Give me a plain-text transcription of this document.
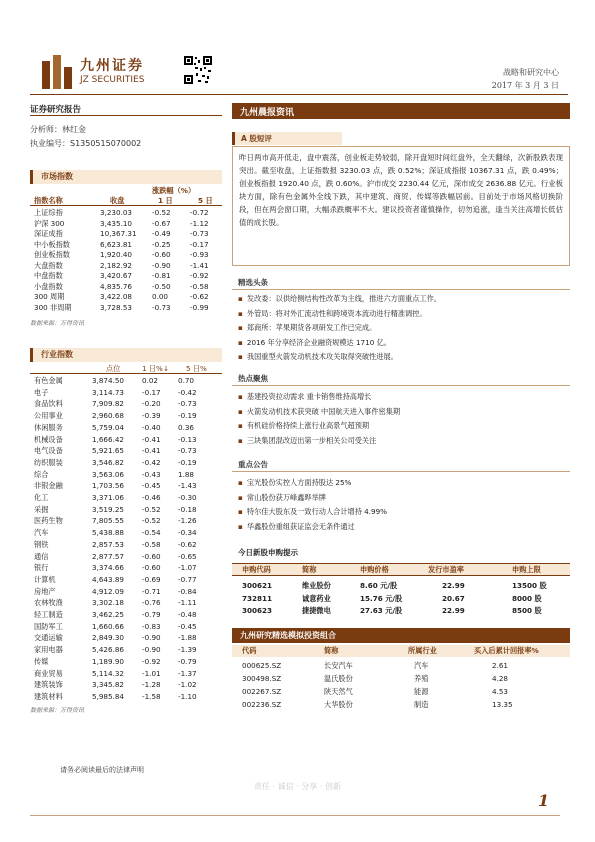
九州证券
JZ SECURITIES
战略和研究中心
2017 年 3 月 3 日
证券研究报告
分析师：林红金
执业编号：S1350515070002
市场指数
涨跌幅（%）
指数名称	收盘	1 日	5 日
上证综指	3,230.03	-0.52	-0.72
沪深 300	3,435.10	-0.67	-1.12
深证成指	10,367.31 -0.49	-0.73
中小板指数	6,623.81	-0.25	-0.17
创业板指数	1,920.40	-0.60	-0.93
大盘指数	2,182.92	-0.90	-1.41
中盘指数	3,420.67	-0.81	-0.92
小盘指数	4,835.76	-0.50	-0.58
300 周期	3,422.08	0.00	-0.62
300 非周期	3,728.53	-0.73	-0.99
数据来源：万得资讯
行业指数
点位	1 日%↓ 5 日%
有色金属	3,874.50 0.02	0.70
电子	3,114.73 -0.17 -0.42
食品饮料	7,909.82 -0.20 -0.73
公用事业	2,960.68 -0.39 -0.19
休闲服务	5,759.04 -0.40 0.36
机械设备	1,666.42 -0.41 -0.13
电气设备	5,921.65 -0.41 -0.73
纺织服装	3,546.82 -0.42 -0.19
综合	3,563.06 -0.43 1.88
非银金融	1,703.56 -0.45 -1.43
化工	3,371.06 -0.46 -0.30
采掘	3,519.25 -0.52 -0.18
医药生物	7,805.55 -0.52 -1.26
汽车	5,438.88 -0.54 -0.34
钢铁	2,857.53 -0.58 -0.62
通信	2,877.57 -0.60 -0.65
银行	3,374.66 -0.60 -1.07
计算机	4,643.89 -0.69 -0.77
房地产	4,912.09 -0.71 -0.84
农林牧渔	3,302.18 -0.76 -1.11
轻工制造	3,462.25 -0.79 -0.48
国防军工	1,660.66 -0.83 -0.45
交通运输	2,849.30 -0.90 -1.88
家用电器	5,426.86 -0.90 -1.39
传媒	1,189.90 -0.92 -0.79
商业贸易	5,114.32 -1.01 -1.37
建筑装饰	3,345.82 -1.28 -1.02
建筑材料	5,985.84 -1.58 -1.10
数据来源：万得资讯
九州晨报资讯
A 股短评
昨日两市高开低走，盘中震荡，创业板走势较弱，除开盘短时间红盘外，全天翻绿，次新股跌表现突出。截至收盘，上证指数报 3230.03 点，跌 0.52%；深证成指报 10367.31 点，跌 0.49%；创业板指报 1920.40 点，跌 0.60%。沪市成交 2230.44 亿元，深市成交 2636.88 亿元。行业板块方面，除有色金属外全线下跌，其中建筑、商贸、传媒等跌幅居前。目前处于市场风格切换阶段，但在两会窗口期，大幅杀跌概率不大。建议投资者谨慎操作，切勿追涨，逢当关注高增长低估值的成长股。
精选头条
▪ 发改委：以供给侧结构性改革为主线，推进六方面重点工作。
▪ 外管局：将对外汇流动性和跨境资本流动进行精准调控。
▪ 郑商所：苹果期货各项研发工作已完成。
▪ 2016 年分享经济企业融资规模达 1710 亿。
▪ 我国重型火箭发动机技术攻关取得突破性进展。
热点聚焦
▪ 基建投资拉动需求 重卡销售维持高增长
▪ 火箭发动机技术获突破 中国航天进入事件密集期
▪ 有机硅价格持续上涨行业高景气超预期
▪ 三块集团混改迈出第一步相关公司受关注
重点公告
▪ 宝光股份实控人方面持股达 25%
▪ 常山股份获万峰鑫晔举牌
▪ 特尔佳大股东及一致行动人合计增持 4.99%
▪ 华鑫股份重组获证监会无条件通过
今日新股申购提示
申购代码	简称	申购价格	发行市盈率	申购上限
300621	维业股份	8.60 元/股	22.99	13500 股
732811	诚意药业	15.76 元/股	20.67	8000 股
300623	捷捷微电	27.63 元/股	22.99	8500 股
九州研究精选模拟投资组合
代码	简称	所属行业	买入后累计回报率%
000625.SZ	长安汽车	汽车	2.61
300498.SZ	温氏股份	养殖	4.28
002267.SZ	陕天然气	能源	4.53
002236.SZ	大华股份	制造	13.35
请务必阅读最后的法律声明
责任 · 诚信 · 分享 · 创新
1
